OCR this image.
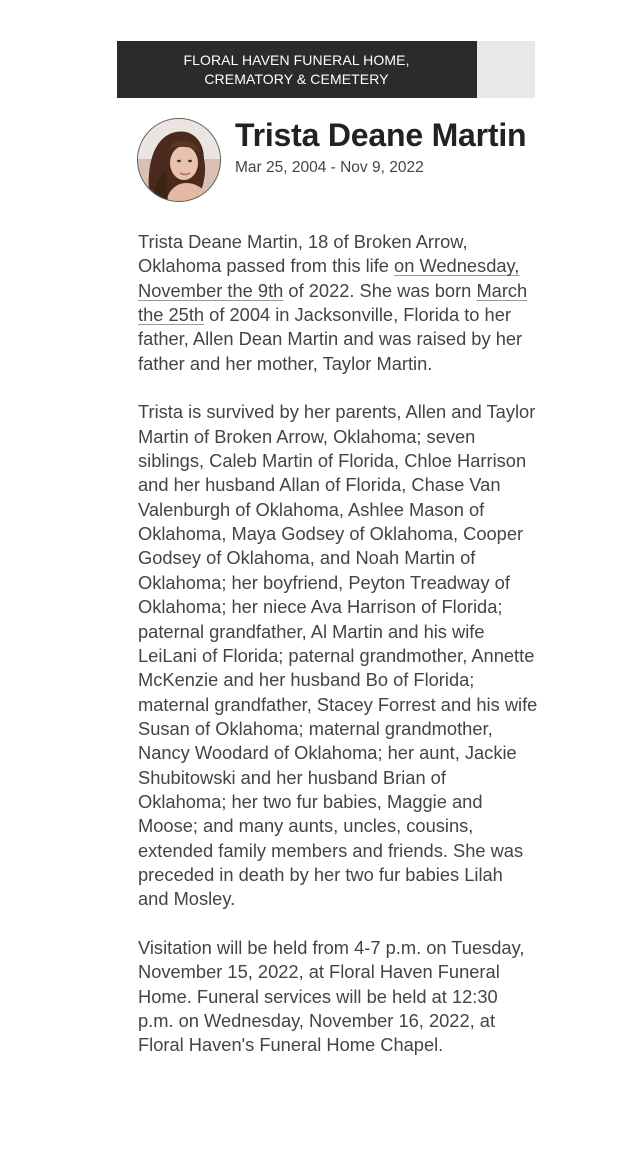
FLORAL HAVEN FUNERAL HOME,
CREMATORY & CEMETERY
Trista Deane Martin
Mar 25, 2004 - Nov 9, 2022

Trista Deane Martin, 18 of Broken Arrow, Oklahoma passed from this life on Wednesday, November the 9th of 2022. She was born March the 25th of 2004 in Jacksonville, Florida to her father, Allen Dean Martin and was raised by her father and her mother, Taylor Martin.

Trista is survived by her parents, Allen and Taylor Martin of Broken Arrow, Oklahoma; seven siblings, Caleb Martin of Florida, Chloe Harrison and her husband Allan of Florida, Chase Van Valenburgh of Oklahoma, Ashlee Mason of Oklahoma, Maya Godsey of Oklahoma, Cooper Godsey of Oklahoma, and Noah Martin of Oklahoma; her boyfriend, Peyton Treadway of Oklahoma; her niece Ava Harrison of Florida; paternal grandfather, Al Martin and his wife LeiLani of Florida; paternal grandmother, Annette McKenzie and her husband Bo of Florida; maternal grandfather, Stacey Forrest and his wife Susan of Oklahoma; maternal grandmother, Nancy Woodard of Oklahoma; her aunt, Jackie Shubitowski and her husband Brian of Oklahoma; her two fur babies, Maggie and Moose; and many aunts, uncles, cousins, extended family members and friends. She was preceded in death by her two fur babies Lilah and Mosley.

Visitation will be held from 4-7 p.m. on Tuesday, November 15, 2022, at Floral Haven Funeral Home. Funeral services will be held at 12:30 p.m. on Wednesday, November 16, 2022, at Floral Haven's Funeral Home Chapel.
